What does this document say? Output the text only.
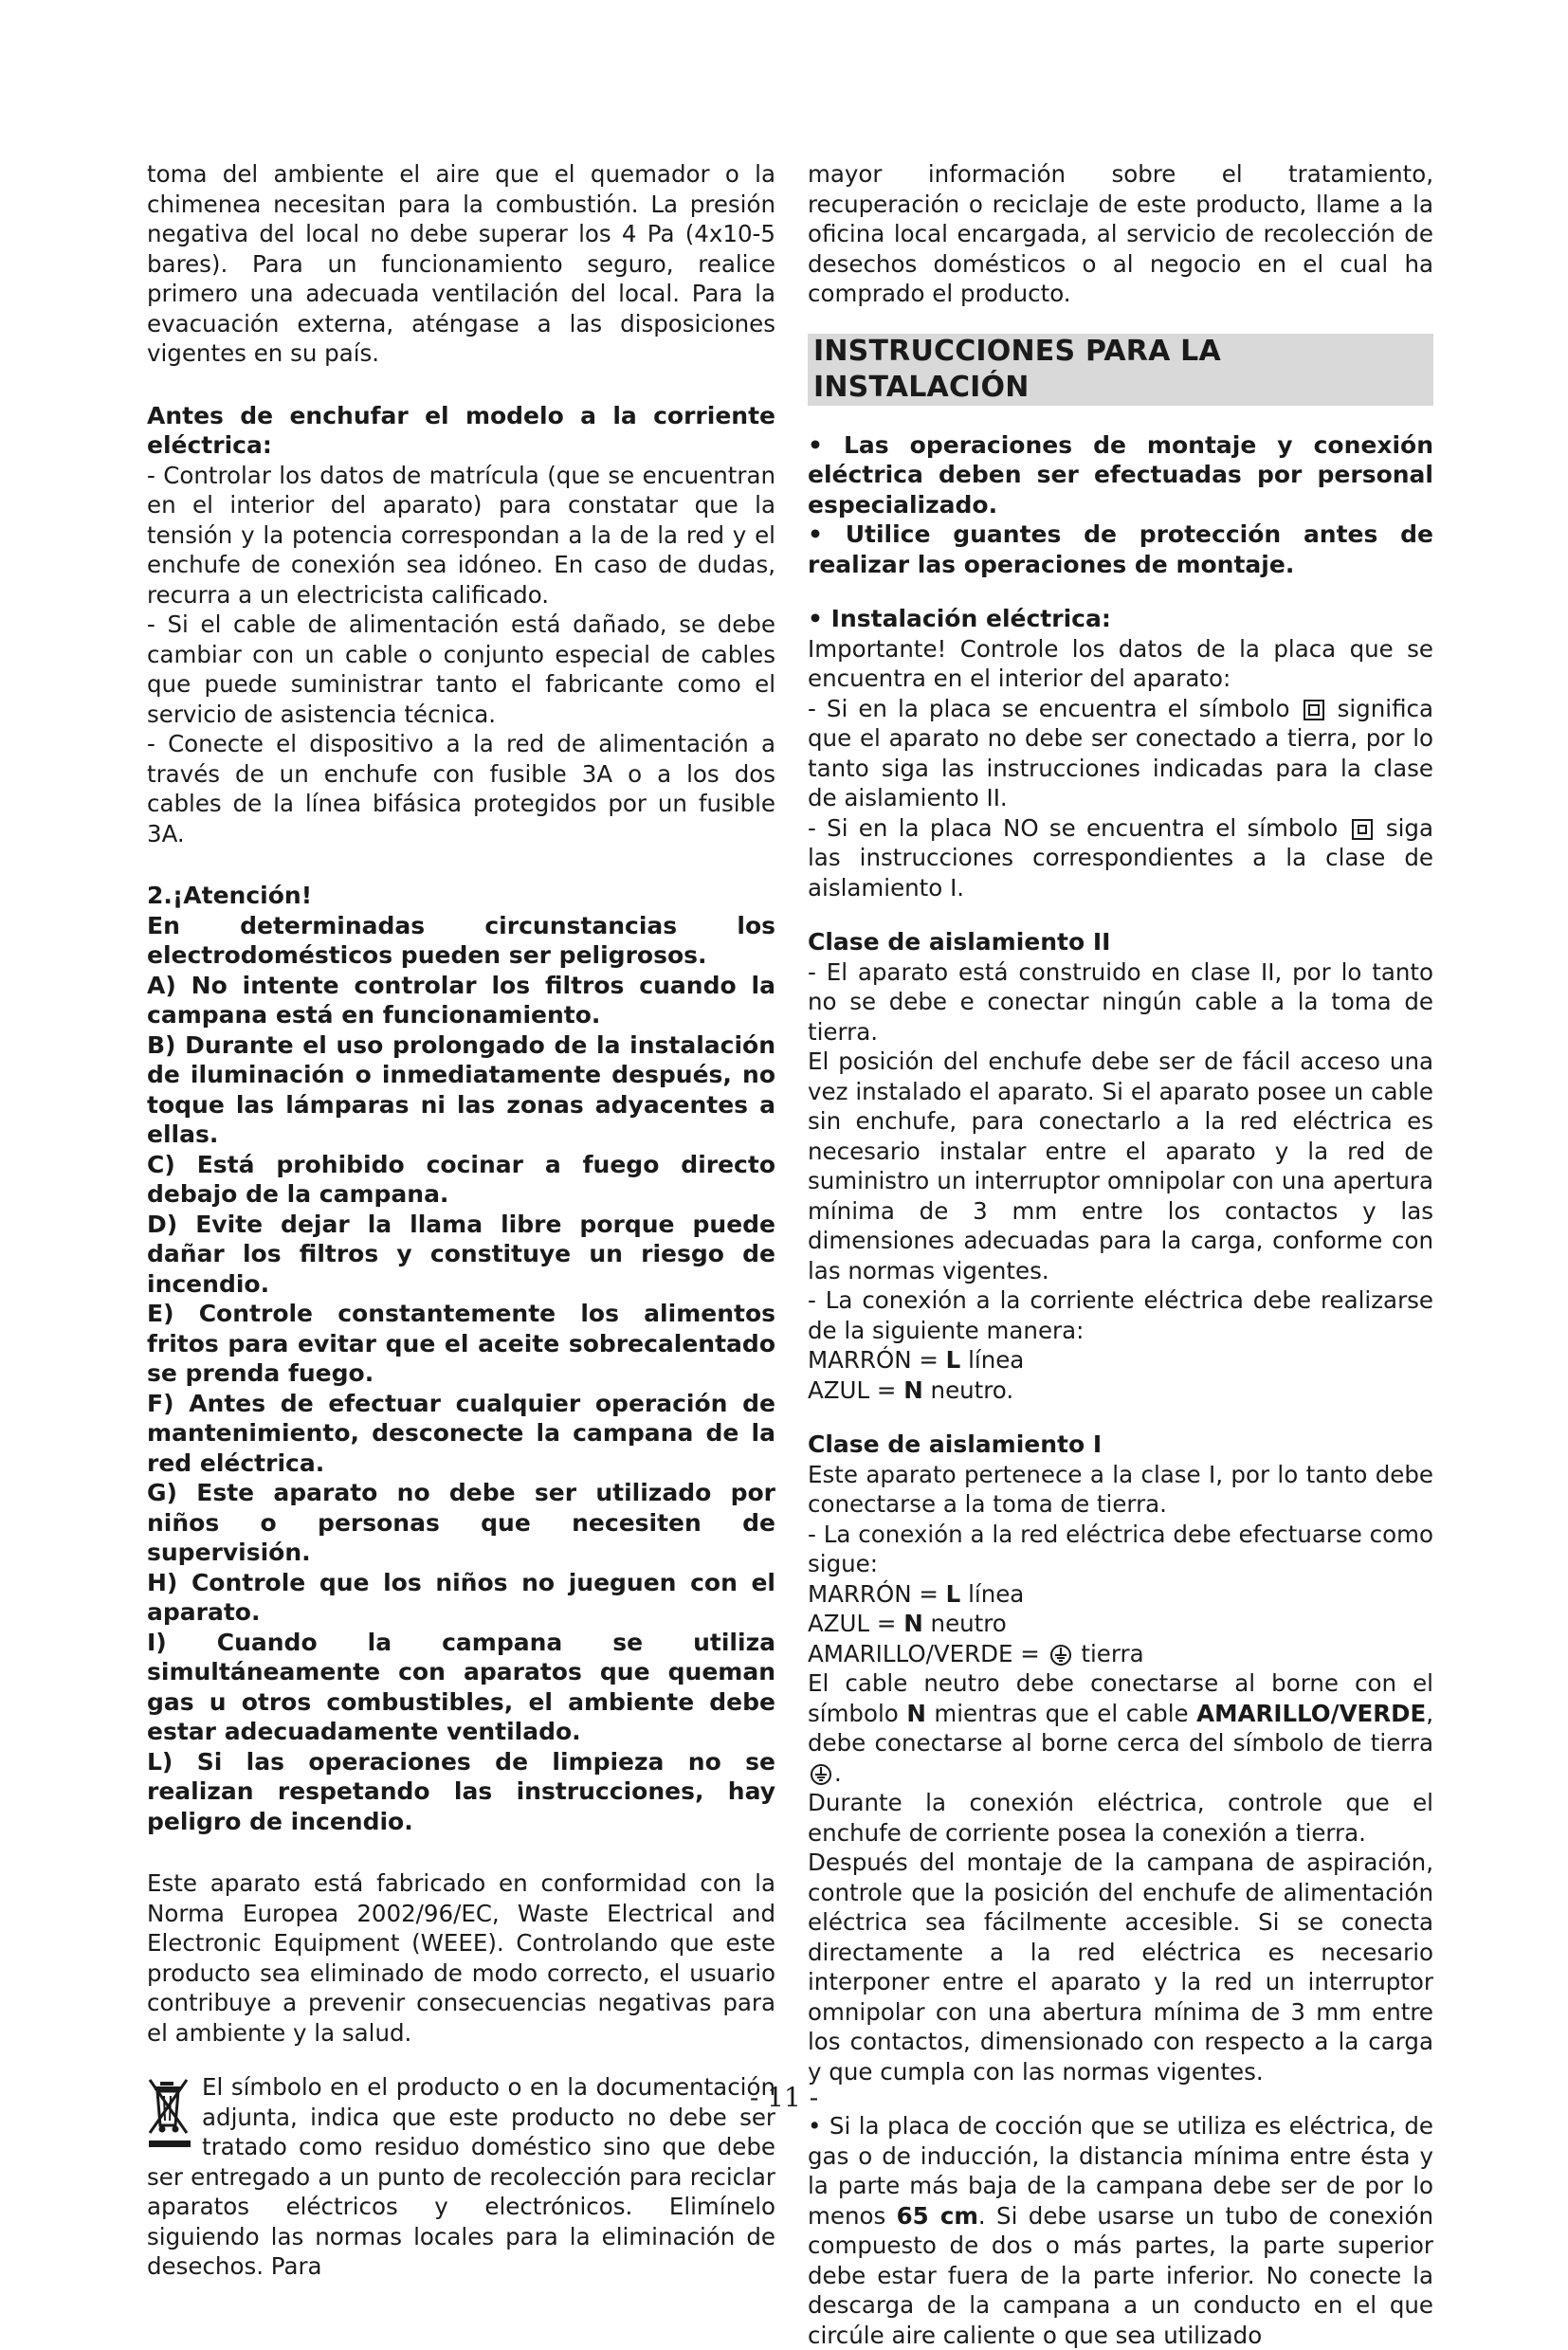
toma del ambiente el aire que el quemador o la chimenea necesitan para la combustión. La presión negativa del local no debe superar los 4 Pa (4x10-5 bares). Para un funcionamiento seguro, realice primero una adecuada ventilación del local. Para la evacuación externa, aténgase a las disposiciones vigentes en su país.

Antes de enchufar el modelo a la corriente eléctrica:

- Controlar los datos de matrícula (que se encuentran en el interior del aparato) para constatar que la tensión y la potencia correspondan a la de la red y el enchufe de conexión sea idóneo. En caso de dudas, recurra a un electricista calificado.

- Si el cable de alimentación está dañado, se debe cambiar con un cable o conjunto especial de cables que puede suministrar tanto el fabricante como el servicio de asistencia técnica.

- Conecte el dispositivo a la red de alimentación a través de un enchufe con fusible 3A o a los dos cables de la línea bifásica protegidos por un fusible 3A.

2.¡Atención!

En determinadas circunstancias los electrodomésticos pueden ser peligrosos.

A) No intente controlar los filtros cuando la campana está en funcionamiento.

B) Durante el uso prolongado de la instalación de iluminación o inmediatamente después, no toque las lámparas ni las zonas adyacentes a ellas.

C) Está prohibido cocinar a fuego directo debajo de la campana.

D) Evite dejar la llama libre porque puede dañar los filtros y constituye un riesgo de incendio.

E) Controle constantemente los alimentos fritos para evitar que el aceite sobrecalentado se prenda fuego.

F) Antes de efectuar cualquier operación de mantenimiento, desconecte la campana de la red eléctrica.

G) Este aparato no debe ser utilizado por niños o personas que necesiten de supervisión.

H) Controle que los niños no jueguen con el aparato.

I) Cuando la campana se utiliza simultáneamente con aparatos que queman gas u otros combustibles, el ambiente debe estar adecuadamente ventilado.

L) Si las operaciones de limpieza no se realizan respetando las instrucciones, hay peligro de incendio.

Este aparato está fabricado en conformidad con la Norma Europea 2002/96/EC, Waste Electrical and Electronic Equipment (WEEE). Controlando que este producto sea eliminado de modo correcto, el usuario contribuye a prevenir consecuencias negativas para el ambiente y la salud.

El símbolo en el producto o en la documentación adjunta, indica que este producto no debe ser tratado como residuo doméstico sino que debe ser entregado a un punto de recolección para reciclar aparatos eléctricos y electrónicos. Elimínelo siguiendo las normas locales para la eliminación de desechos. Para

mayor información sobre el tratamiento, recuperación o reciclaje de este producto, llame a la oficina local encargada, al servicio de recolección de desechos domésticos o al negocio en el cual ha comprado el producto.

INSTRUCCIONES PARA LA INSTALACIÓN

• Las operaciones de montaje y conexión eléctrica deben ser efectuadas por personal especializado.

• Utilice guantes de protección antes de realizar las operaciones de montaje.

• Instalación eléctrica:

Importante! Controle los datos de la placa que se encuentra en el interior del aparato:

- Si en la placa se encuentra el símbolo significa que el aparato no debe ser conectado a tierra, por lo tanto siga las instrucciones indicadas para la clase de aislamiento II.

- Si en la placa NO se encuentra el símbolo siga las instrucciones correspondientes a la clase de aislamiento I.

Clase de aislamiento II

- El aparato está construido en clase II, por lo tanto no se debe e conectar ningún cable a la toma de tierra.

El posición del enchufe debe ser de fácil acceso una vez instalado el aparato. Si el aparato posee un cable sin enchufe, para conectarlo a la red eléctrica es necesario instalar entre el aparato y la red de suministro un interruptor omnipolar con una apertura mínima de 3 mm entre los contactos y las dimensiones adecuadas para la carga, conforme con las normas vigentes.

- La conexión a la corriente eléctrica debe realizarse de la siguiente manera:

MARRÓN = L línea

AZUL = N neutro.

Clase de aislamiento I

Este aparato pertenece a la clase I, por lo tanto debe conectarse a la toma de tierra.

- La conexión a la red eléctrica debe efectuarse como sigue:

MARRÓN = L línea

AZUL = N neutro

AMARILLO/VERDE =  tierra

El cable neutro debe conectarse al borne con el símbolo N mientras que el cable AMARILLO/VERDE, debe conectarse al borne cerca del símbolo de tierra.

Durante la conexión eléctrica, controle que el enchufe de corriente posea la conexión a tierra.

Después del montaje de la campana de aspiración, controle que la posición del enchufe de alimentación eléctrica sea fácilmente accesible. Si se conecta directamente a la red eléctrica es necesario interponer entre el aparato y la red un interruptor omnipolar con una abertura mínima de 3 mm entre los contactos, dimensionado con respecto a la carga y que cumpla con las normas vigentes.

• Si la placa de cocción que se utiliza es eléctrica, de gas o de inducción, la distancia mínima entre ésta y la parte más baja de la campana debe ser de por lo menos 65 cm. Si debe usarse un tubo de conexión compuesto de dos o más partes, la parte superior debe estar fuera de la parte inferior. No conecte la descarga de la campana a un conducto en el que circúle aire caliente o que sea utilizado

- 11 -
